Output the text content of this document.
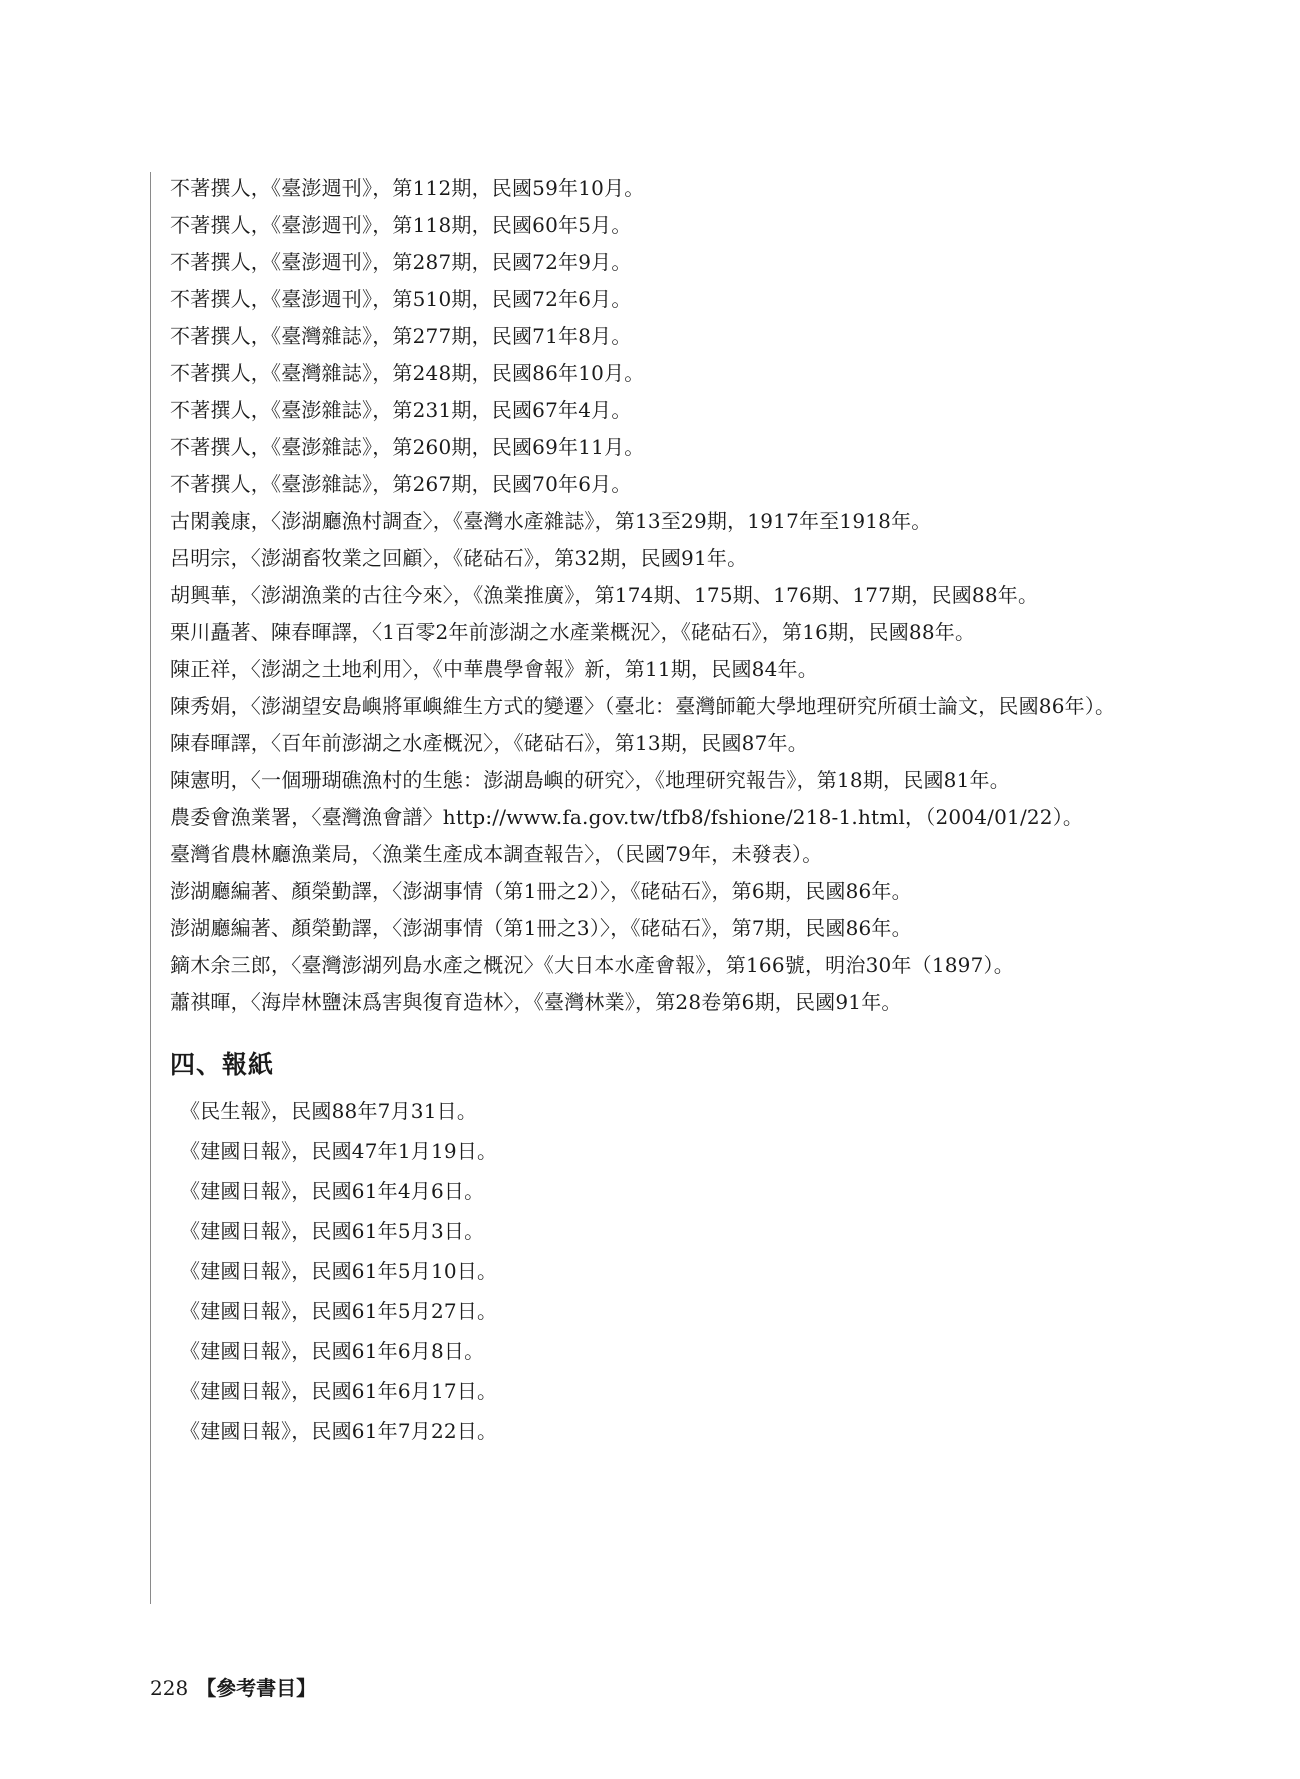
不著撰人，《臺澎週刊》，第112期，民國59年10月。
不著撰人，《臺澎週刊》，第118期，民國60年5月。
不著撰人，《臺澎週刊》，第287期，民國72年9月。
不著撰人，《臺澎週刊》，第510期，民國72年6月。
不著撰人，《臺灣雜誌》，第277期，民國71年8月。
不著撰人，《臺灣雜誌》，第248期，民國86年10月。
不著撰人，《臺澎雜誌》，第231期，民國67年4月。
不著撰人，《臺澎雜誌》，第260期，民國69年11月。
不著撰人，《臺澎雜誌》，第267期，民國70年6月。
古閑義康，〈澎湖廳漁村調查〉，《臺灣水產雜誌》，第13至29期，1917年至1918年。
呂明宗，〈澎湖畜牧業之回顧〉，《硓𥑮石》，第32期，民國91年。
胡興華，〈澎湖漁業的古往今來〉，《漁業推廣》，第174期、175期、176期、177期，民國88年。
栗川矗著、陳春暉譯，〈1百零2年前澎湖之水產業概況〉，《硓𥑮石》，第16期，民國88年。
陳正祥，〈澎湖之土地利用〉，《中華農學會報》新，第11期，民國84年。
陳秀娟，〈澎湖望安島嶼將軍嶼維生方式的變遷〉（臺北：臺灣師範大學地理研究所碩士論文，民國86年）。
陳春暉譯，〈百年前澎湖之水產概況〉，《硓𥑮石》，第13期，民國87年。
陳憲明，〈一個珊瑚礁漁村的生態：澎湖島嶼的研究〉，《地理研究報告》，第18期，民國81年。
農委會漁業署，〈臺灣漁會譜〉http://www.fa.gov.tw/tfb8/fshione/218-1.html，（2004/01/22）。
臺灣省農林廳漁業局，〈漁業生產成本調查報告〉，（民國79年，未發表）。
澎湖廳編著、顏榮勤譯，〈澎湖事情（第1冊之2）〉，《硓𥑮石》，第6期，民國86年。
澎湖廳編著、顏榮勤譯，〈澎湖事情（第1冊之3）〉，《硓𥑮石》，第7期，民國86年。
鏑木余三郎，〈臺灣澎湖列島水產之概況〉《大日本水產會報》，第166號，明治30年（1897）。
蕭祺暉，〈海岸林鹽沫爲害與復育造林〉，《臺灣林業》，第28卷第6期，民國91年。
四、報紙
《民生報》，民國88年7月31日。
《建國日報》，民國47年1月19日。
《建國日報》，民國61年4月6日。
《建國日報》，民國61年5月3日。
《建國日報》，民國61年5月10日。
《建國日報》，民國61年5月27日。
《建國日報》，民國61年6月8日。
《建國日報》，民國61年6月17日。
《建國日報》，民國61年7月22日。
228 【參考書目】
